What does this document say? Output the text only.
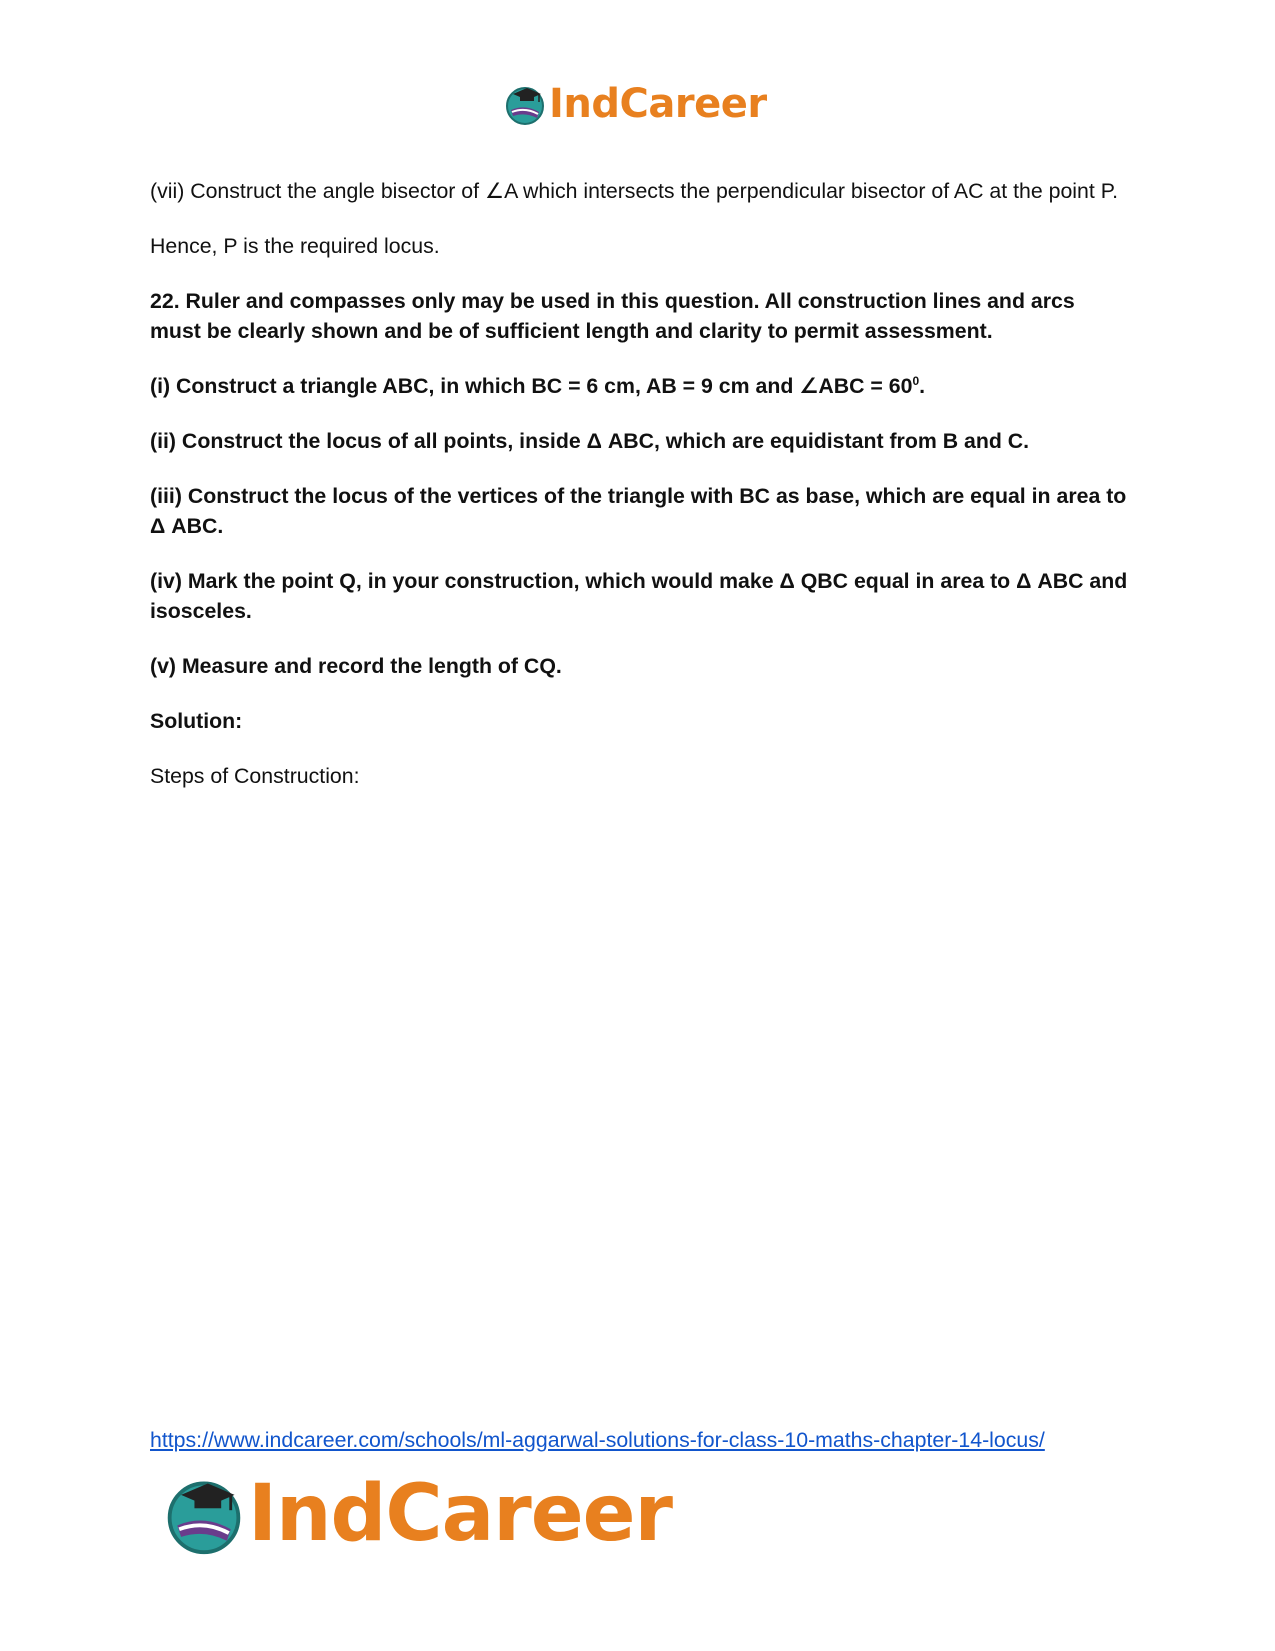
IndCareer

(vii) Construct the angle bisector of ∠A which intersects the perpendicular bisector of AC at the point P.

Hence, P is the required locus.

22. Ruler and compasses only may be used in this question. All construction lines and arcs must be clearly shown and be of sufficient length and clarity to permit assessment.

(i) Construct a triangle ABC, in which BC = 6 cm, AB = 9 cm and ∠ABC = $60^0$.

(ii) Construct the locus of all points, inside Δ ABC, which are equidistant from B and C.

(iii) Construct the locus of the vertices of the triangle with BC as base, which are equal in area to Δ ABC.

(iv) Mark the point Q, in your construction, which would make Δ QBC equal in area to Δ ABC and isosceles.

(v) Measure and record the length of CQ.

Solution:

Steps of Construction:

https://www.indcareer.com/schools/ml-aggarwal-solutions-for-class-10-maths-chapter-14-locus/
IndCareer
